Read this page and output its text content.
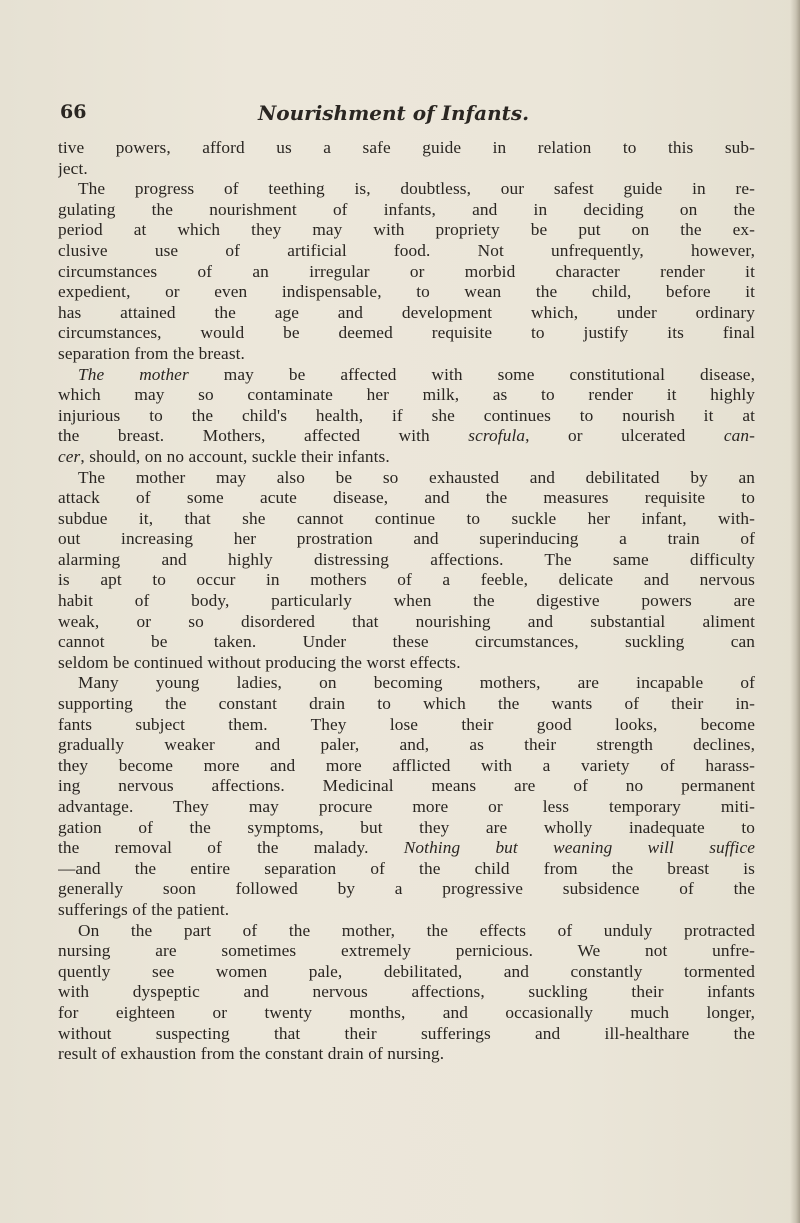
66	Nourishment of Infants.
tive powers, afford us a safe guide in relation to this sub-
ject.
The progress of teething is, doubtless, our safest guide in re-
gulating the nourishment of infants, and in deciding on the
period at which they may with propriety be put on the ex-
clusive use of artificial food. Not unfrequently, however,
circumstances of an irregular or morbid character render it
expedient, or even indispensable, to wean the child, before it
has attained the age and development which, under ordinary
circumstances, would be deemed requisite to justify its final
separation from the breast.
The mother may be affected with some constitutional disease,
which may so contaminate her milk, as to render it highly
injurious to the child's health, if she continues to nourish it at
the breast. Mothers, affected with scrofula, or ulcerated can-
cer, should, on no account, suckle their infants.
The mother may also be so exhausted and debilitated by an
attack of some acute disease, and the measures requisite to
subdue it, that she cannot continue to suckle her infant, with-
out increasing her prostration and superinducing a train of
alarming and highly distressing affections. The same difficulty
is apt to occur in mothers of a feeble, delicate and nervous
habit of body, particularly when the digestive powers are
weak, or so disordered that nourishing and substantial aliment
cannot be taken. Under these circumstances, suckling can
seldom be continued without producing the worst effects.
Many young ladies, on becoming mothers, are incapable of
supporting the constant drain to which the wants of their in-
fants subject them. They lose their good looks, become
gradually weaker and paler, and, as their strength declines,
they become more and more afflicted with a variety of harass-
ing nervous affections. Medicinal means are of no permanent
advantage. They may procure more or less temporary miti-
gation of the symptoms, but they are wholly inadequate to
the removal of the malady. Nothing but weaning will suffice
—and the entire separation of the child from the breast is
generally soon followed by a progressive subsidence of the
sufferings of the patient.
On the part of the mother, the effects of unduly protracted
nursing are sometimes extremely pernicious. We not unfre-
quently see women pale, debilitated, and constantly tormented
with dyspeptic and nervous affections, suckling their infants
for eighteen or twenty months, and occasionally much longer,
without suspecting that their sufferings and ill-healthare the
result of exhaustion from the constant drain of nursing.
